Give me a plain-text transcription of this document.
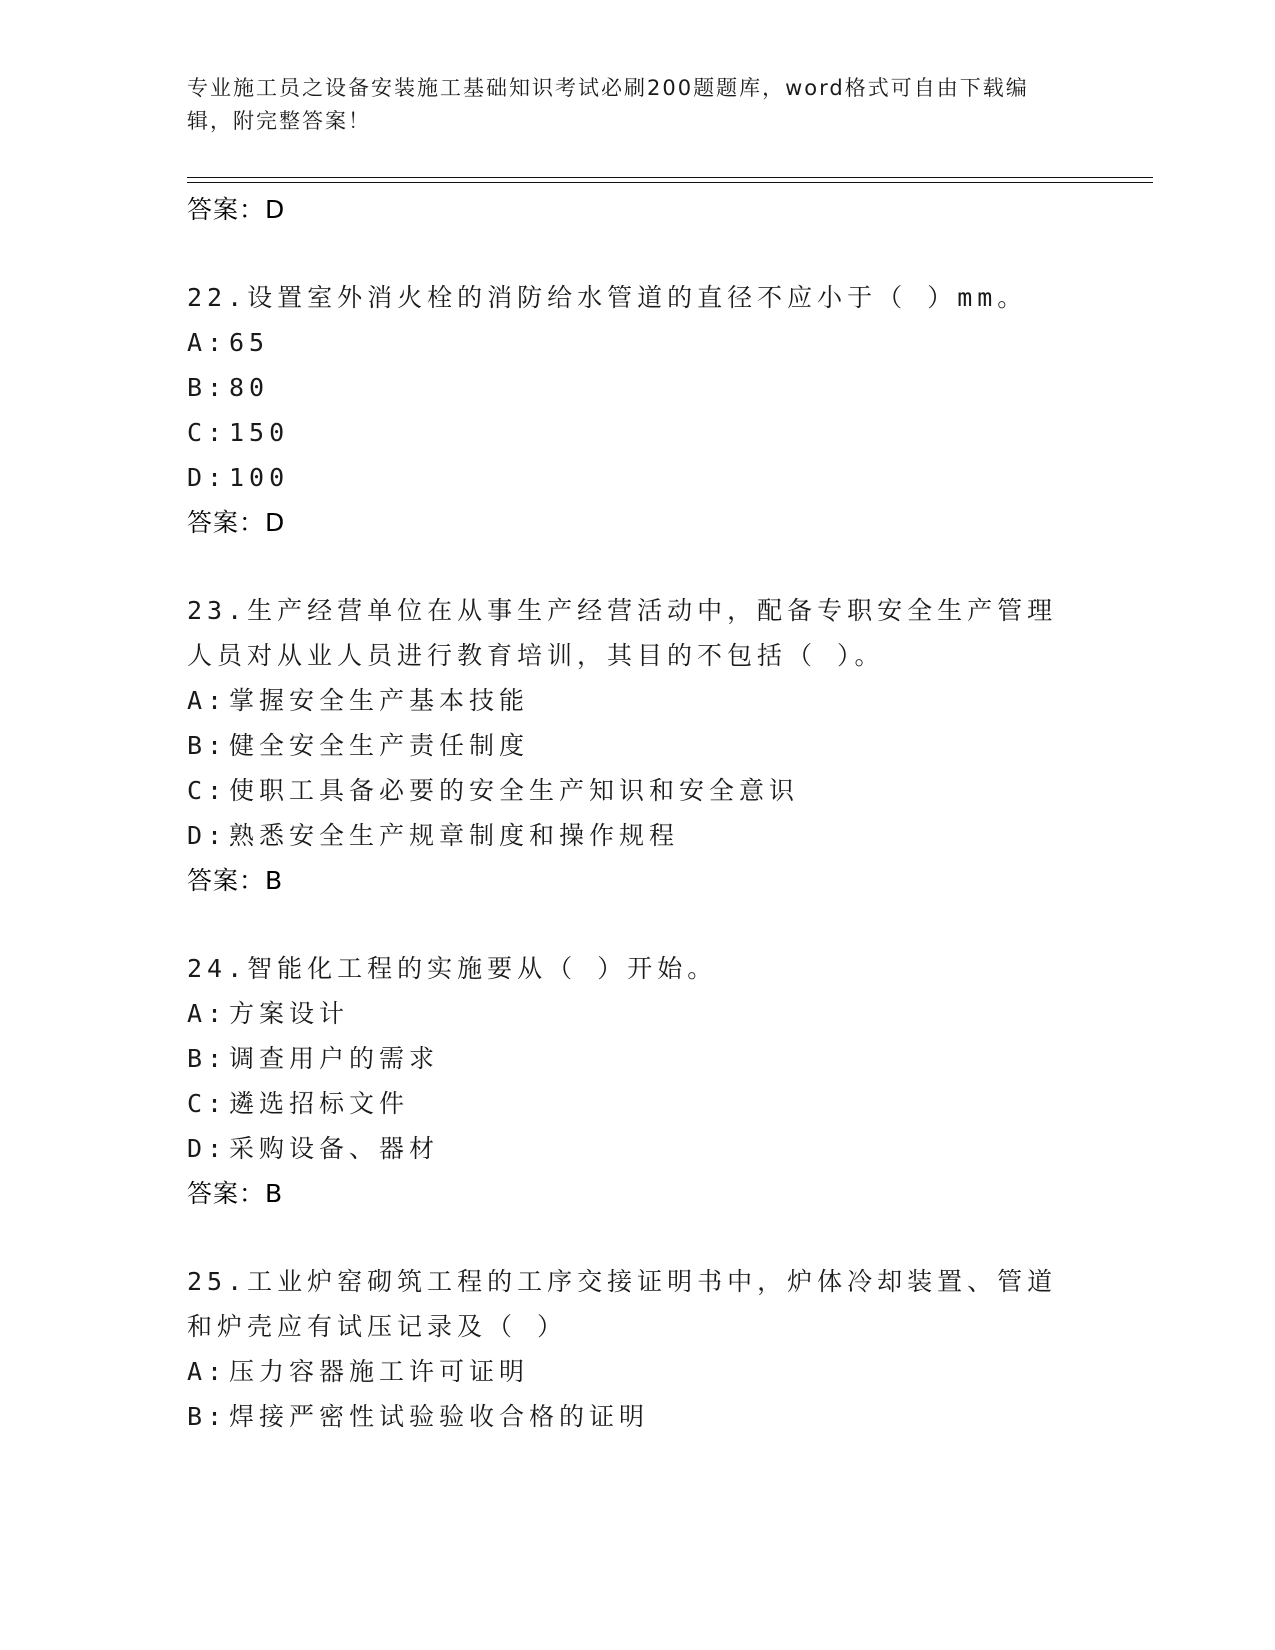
专业施工员之设备安装施工基础知识考试必刷200题题库，word格式可自由下载编辑，附完整答案！
答案：D
22.设置室外消火栓的消防给水管道的直径不应小于（ ）mm。
A:65
B:80
C:150
D:100
答案：D
23.生产经营单位在从事生产经营活动中，配备专职安全生产管理人员对从业人员进行教育培训，其目的不包括（ ）。
A:掌握安全生产基本技能
B:健全安全生产责任制度
C:使职工具备必要的安全生产知识和安全意识
D:熟悉安全生产规章制度和操作规程
答案：B
24.智能化工程的实施要从（ ）开始。
A:方案设计
B:调查用户的需求
C:遴选招标文件
D:采购设备、器材
答案：B
25.工业炉窑砌筑工程的工序交接证明书中，炉体冷却装置、管道和炉壳应有试压记录及（ ）
A:压力容器施工许可证明
B:焊接严密性试验验收合格的证明
